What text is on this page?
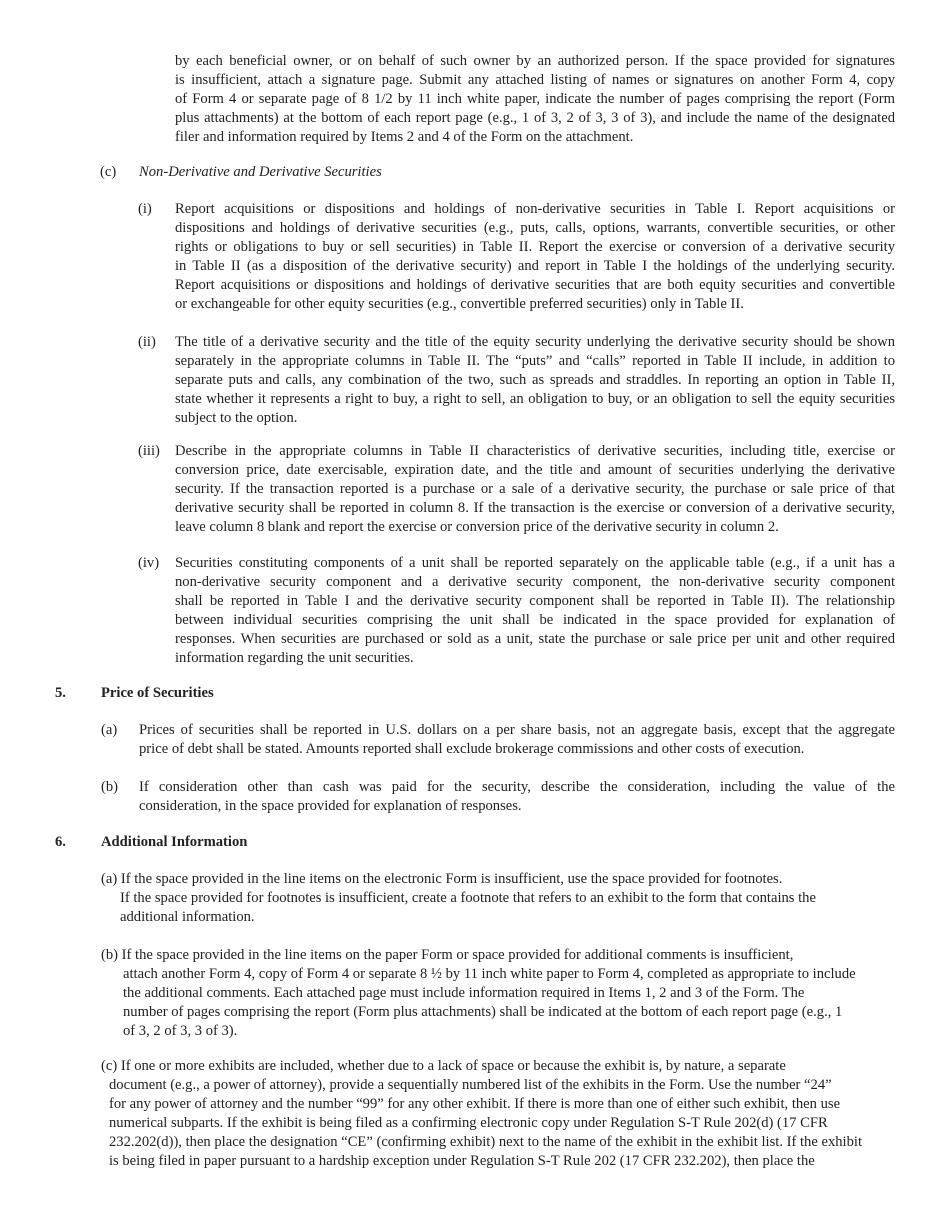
by each beneficial owner, or on behalf of such owner by an authorized person. If the space provided for signatures
is insufficient, attach a signature page. Submit any attached listing of names or signatures on another Form 4, copy
of Form 4 or separate page of 8 1/2 by 11 inch white paper, indicate the number of pages comprising the report (Form
plus attachments) at the bottom of each report page (e.g., 1 of 3, 2 of 3, 3 of 3), and include the name of the designated
filer and information required by Items 2 and 4 of the Form on the attachment.
(c) Non-Derivative and Derivative Securities
(i) Report acquisitions or dispositions and holdings of non-derivative securities in Table I. Report acquisitions or
dispositions and holdings of derivative securities (e.g., puts, calls, options, warrants, convertible securities, or other
rights or obligations to buy or sell securities) in Table II. Report the exercise or conversion of a derivative security
in Table II (as a disposition of the derivative security) and report in Table I the holdings of the underlying security.
Report acquisitions or dispositions and holdings of derivative securities that are both equity securities and convertible
or exchangeable for other equity securities (e.g., convertible preferred securities) only in Table II.
(ii) The title of a derivative security and the title of the equity security underlying the derivative security should be shown
separately in the appropriate columns in Table II. The “puts” and “calls” reported in Table II include, in addition to
separate puts and calls, any combination of the two, such as spreads and straddles. In reporting an option in Table II,
state whether it represents a right to buy, a right to sell, an obligation to buy, or an obligation to sell the equity securities
subject to the option.
(iii) Describe in the appropriate columns in Table II characteristics of derivative securities, including title, exercise or
conversion price, date exercisable, expiration date, and the title and amount of securities underlying the derivative
security. If the transaction reported is a purchase or a sale of a derivative security, the purchase or sale price of that
derivative security shall be reported in column 8. If the transaction is the exercise or conversion of a derivative security,
leave column 8 blank and report the exercise or conversion price of the derivative security in column 2.
(iv) Securities constituting components of a unit shall be reported separately on the applicable table (e.g., if a unit has a
non-derivative security component and a derivative security component, the non-derivative security component
shall be reported in Table I and the derivative security component shall be reported in Table II). The relationship
between individual securities comprising the unit shall be indicated in the space provided for explanation of
responses. When securities are purchased or sold as a unit, state the purchase or sale price per unit and other required
information regarding the unit securities.
5. Price of Securities
(a) Prices of securities shall be reported in U.S. dollars on a per share basis, not an aggregate basis, except that the aggregate
price of debt shall be stated. Amounts reported shall exclude brokerage commissions and other costs of execution.
(b) If consideration other than cash was paid for the security, describe the consideration, including the value of the
consideration, in the space provided for explanation of responses.
6. Additional Information
(a) If the space provided in the line items on the electronic Form is insufficient, use the space provided for footnotes.
If the space provided for footnotes is insufficient, create a footnote that refers to an exhibit to the form that contains the
additional information.
(b) If the space provided in the line items on the paper Form or space provided for additional comments is insufficient,
attach another Form 4, copy of Form 4 or separate 8 ½ by 11 inch white paper to Form 4, completed as appropriate to include
the additional comments. Each attached page must include information required in Items 1, 2 and 3 of the Form. The
number of pages comprising the report (Form plus attachments) shall be indicated at the bottom of each report page (e.g., 1
of 3, 2 of 3, 3 of 3).
(c) If one or more exhibits are included, whether due to a lack of space or because the exhibit is, by nature, a separate
document (e.g., a power of attorney), provide a sequentially numbered list of the exhibits in the Form. Use the number “24”
for any power of attorney and the number “99” for any other exhibit. If there is more than one of either such exhibit, then use
numerical subparts. If the exhibit is being filed as a confirming electronic copy under Regulation S-T Rule 202(d) (17 CFR
232.202(d)), then place the designation “CE” (confirming exhibit) next to the name of the exhibit in the exhibit list. If the exhibit
is being filed in paper pursuant to a hardship exception under Regulation S-T Rule 202 (17 CFR 232.202), then place the
